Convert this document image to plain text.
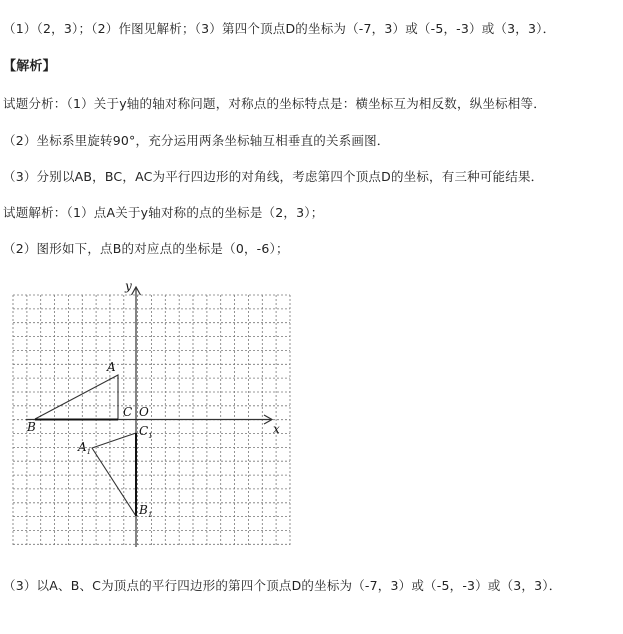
（1）（2，3）；（2）作图见解析；（3）第四个顶点D的坐标为（-7，3）或（-5，-3）或（3，3）．
【解析】
试题分析：（1）关于y轴的轴对称问题，对称点的坐标特点是：横坐标互为相反数，纵坐标相等．
（2）坐标系里旋转90°，充分运用两条坐标轴互相垂直的关系画图．
（3）分别以AB，BC，AC为平行四边形的对角线，考虑第四个顶点D的坐标，有三种可能结果．
试题解析：（1）点A关于y轴对称的点的坐标是（2，3）；
（2）图形如下，点B的对应点的坐标是（0，-6）；
（3）以A、B、C为顶点的平行四边形的第四个顶点D的坐标为（-7，3）或（-5，-3）或（3，3）．
x
y
O
A
B
C
$A_1$
$C_1$
$B_1$
